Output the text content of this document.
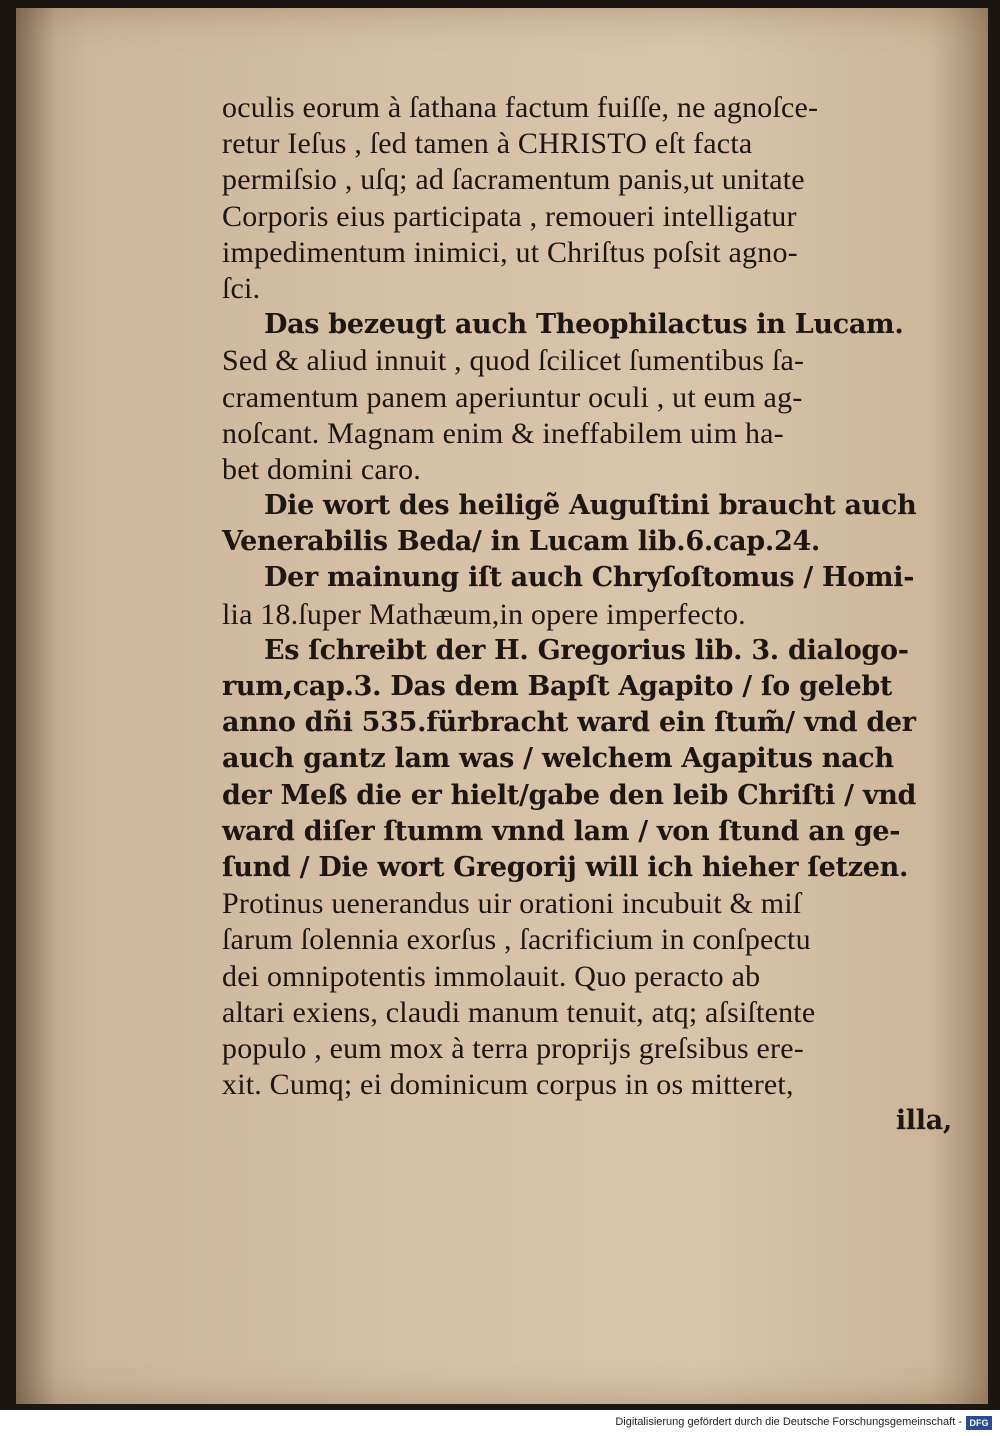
oculis eorum à ſathana factum fuiſſe, ne agnoſce-
retur Ieſus , ſed tamen à CHRISTO eſt facta
permiſsio , uſq; ad ſacramentum panis,ut unitate
Corporis eius participata , remoueri intelligatur
impedimentum inimici, ut Chriſtus poſsit agno-
ſci.
Das bezeugt auch Theophilactus in Lucam.
Sed & aliud innuit , quod ſcilicet ſumentibus ſa-
cramentum panem aperiuntur oculi , ut eum ag-
noſcant. Magnam enim & ineffabilem uim ha-
bet domini caro.
Die wort des heiligẽ Auguſtini braucht auch
Venerabilis Beda/ in Lucam lib.6.cap.24.
Der mainung iſt auch Chryſoſtomus / Homi-
lia 18.ſuper Mathæum,in opere imperfecto.
Es ſchreibt der H. Gregorius lib. 3. dialogo-
rum,cap.3. Das dem Bapſt Agapito / ſo gelebt
anno dñi 535.fürbracht ward ein ſtum̃/ vnd der
auch gantz lam was / welchem Agapitus nach
der Meß die er hielt/gabe den leib Chriſti / vnd
ward diſer ſtumm vnnd lam / von ſtund an ge-
ſund / Die wort Gregorij will ich hieher ſetzen.
Protinus uenerandus uir orationi incubuit & miſ
ſarum ſolennia exorſus , ſacrificium in conſpectu
dei omnipotentis immolauit. Quo peracto ab
altari exiens, claudi manum tenuit, atq; aſsiſtente
populo , eum mox à terra proprijs greſsibus ere-
xit. Cumq; ei dominicum corpus in os mitteret,
illa,
Digitalisierung gefördert durch die Deutsche Forschungsgemeinschaft - DFG
